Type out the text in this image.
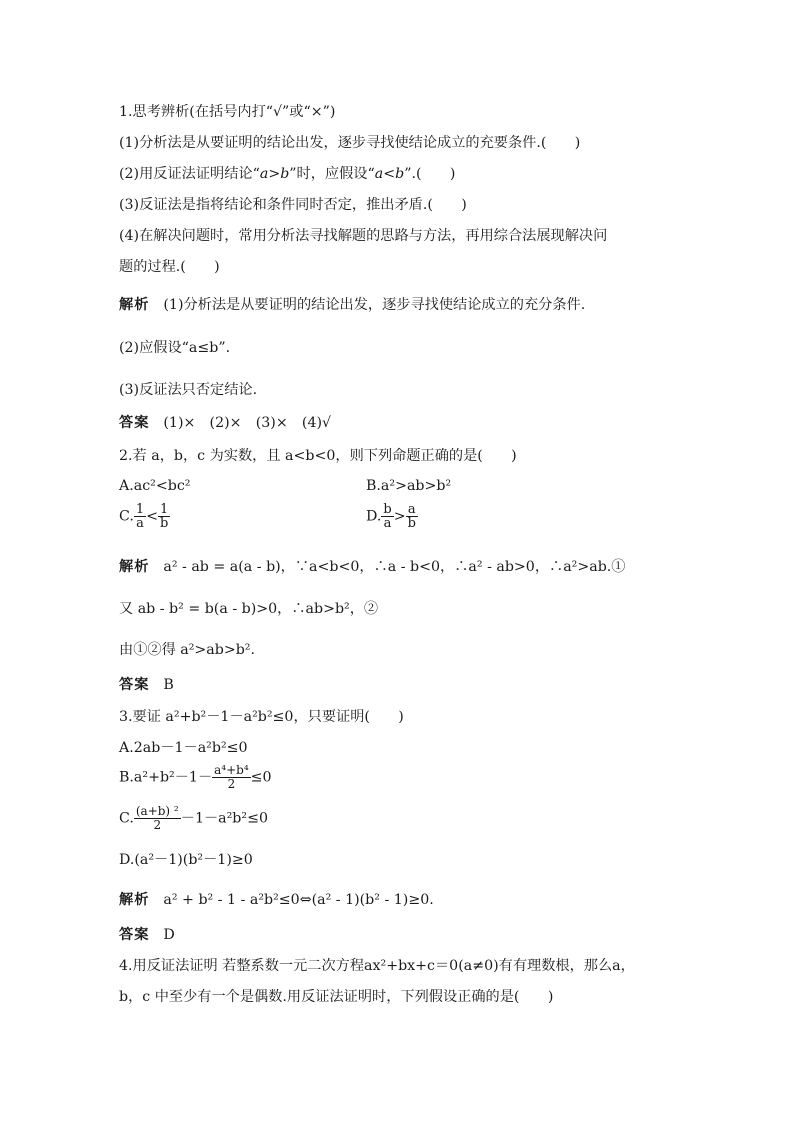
1.思考辨析(在括号内打“√”或“×”)
(1)分析法是从要证明的结论出发，逐步寻找使结论成立的充要条件.(　　)
(2)用反证法证明结论“a>b”时，应假设“a<b”.(　　)
(3)反证法是指将结论和条件同时否定，推出矛盾.(　　)
(4)在解决问题时，常用分析法寻找解题的思路与方法，再用综合法展现解决问
题的过程.(　　)
解析 (1)分析法是从要证明的结论出发，逐步寻找使结论成立的充分条件.
(2)应假设“a≤b”.
(3)反证法只否定结论.
答案 (1)×　(2)×　(3)×　(4)√
2.若 a，b，c 为实数，且 a<b<0，则下列命题正确的是(　　)
A.ac²<bc²	B.a²>ab>b²
C. $\frac{1}{a} < \frac{1}{b}$	D. $\frac{b}{a} > \frac{a}{b}$
解析 a² - ab = a(a - b)，∵a<b<0，∴a - b<0，∴a² - ab>0，∴a²>ab.①
又 ab - b² = b(a - b)>0，∴ab>b²，②
由①②得 a²>ab>b².
答案 B
3.要证 a²+b²－1－a²b²≤0，只要证明(　　)
A.2ab－1－a²b²≤0
$B.a^2+b^2-1- \frac{\text{a⁴+b⁴}}{2} \le 0$
C. $\frac{\text{(a+b) ²}}{2} -1-a^2b^2\le 0$
D.(a²－1)(b²－1)≥0
解析 a² + b² - 1 - a²b²≤0⇔(a² - 1)(b² - 1)≥0.
答案 D
4.用反证法证明 若整系数一元二次方程ax²+bx+c＝0(a≠0)有有理数根，那么a，
b，c 中至少有一个是偶数.用反证法证明时，下列假设正确的是(　　)
